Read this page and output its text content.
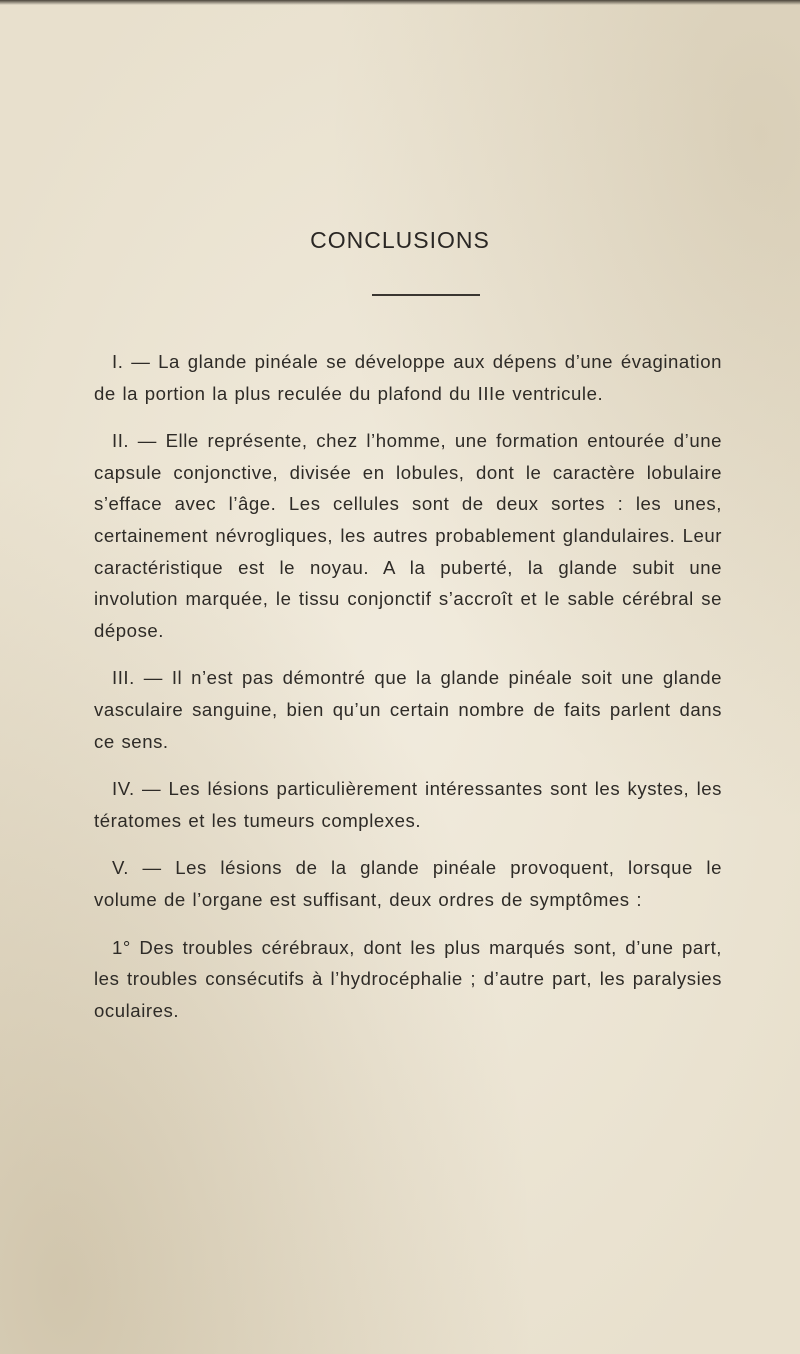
CONCLUSIONS

I. — La glande pinéale se développe aux dépens d’une évagination de la portion la plus reculée du plafond du IIIe ventricule.

II. — Elle représente, chez l’homme, une formation entourée d’une capsule conjonctive, divisée en lobules, dont le caractère lobulaire s’efface avec l’âge. Les cellules sont de deux sortes : les unes, certainement névrogliques, les autres probablement glandulaires. Leur caractéristique est le noyau. A la puberté, la glande subit une involution marquée, le tissu conjonctif s’accroît et le sable cérébral se dépose.

III. — Il n’est pas démontré que la glande pinéale soit une glande vasculaire sanguine, bien qu’un certain nombre de faits parlent dans ce sens.

IV. — Les lésions particulièrement intéressantes sont les kystes, les tératomes et les tumeurs complexes.

V. — Les lésions de la glande pinéale provoquent, lorsque le volume de l’organe est suffisant, deux ordres de symptômes :

1° Des troubles cérébraux, dont les plus marqués sont, d’une part, les troubles consécutifs à l’hydrocéphalie ; d’autre part, les paralysies oculaires.
